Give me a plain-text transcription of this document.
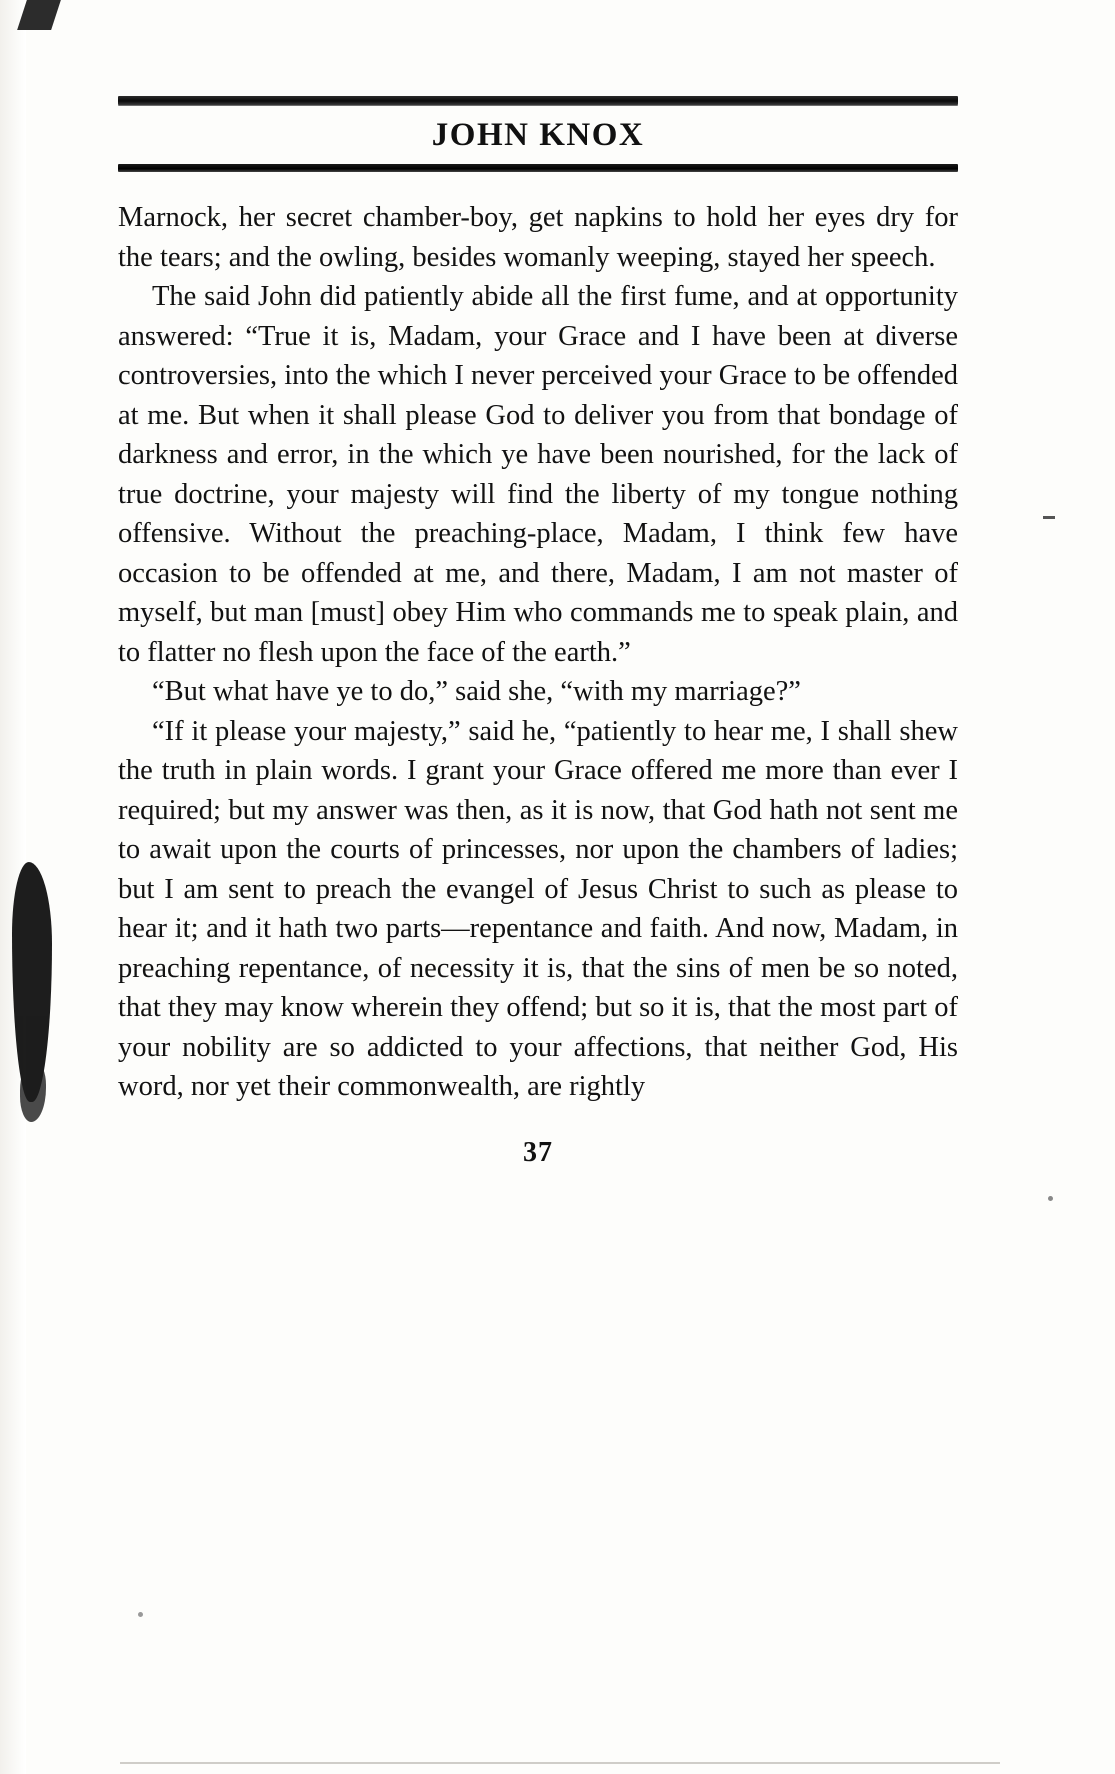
JOHN KNOX

Marnock, her secret chamber-boy, get napkins to hold her eyes dry for the tears; and the owling, besides womanly weeping, stayed her speech.

The said John did patiently abide all the first fume, and at opportunity answered: “True it is, Madam, your Grace and I have been at diverse controversies, into the which I never perceived your Grace to be offended at me. But when it shall please God to deliver you from that bondage of darkness and error, in the which ye have been nourished, for the lack of true doctrine, your majesty will find the liberty of my tongue nothing offensive. Without the preaching-place, Madam, I think few have occasion to be offended at me, and there, Madam, I am not master of myself, but man [must] obey Him who commands me to speak plain, and to flatter no flesh upon the face of the earth.”

“But what have ye to do,” said she, “with my marriage?”

“If it please your majesty,” said he, “patiently to hear me, I shall shew the truth in plain words. I grant your Grace offered me more than ever I required; but my answer was then, as it is now, that God hath not sent me to await upon the courts of princesses, nor upon the chambers of ladies; but I am sent to preach the evangel of Jesus Christ to such as please to hear it; and it hath two parts—repentance and faith. And now, Madam, in preaching repentance, of necessity it is, that the sins of men be so noted, that they may know wherein they offend; but so it is, that the most part of your nobility are so addicted to your affections, that neither God, His word, nor yet their commonwealth, are rightly

37
